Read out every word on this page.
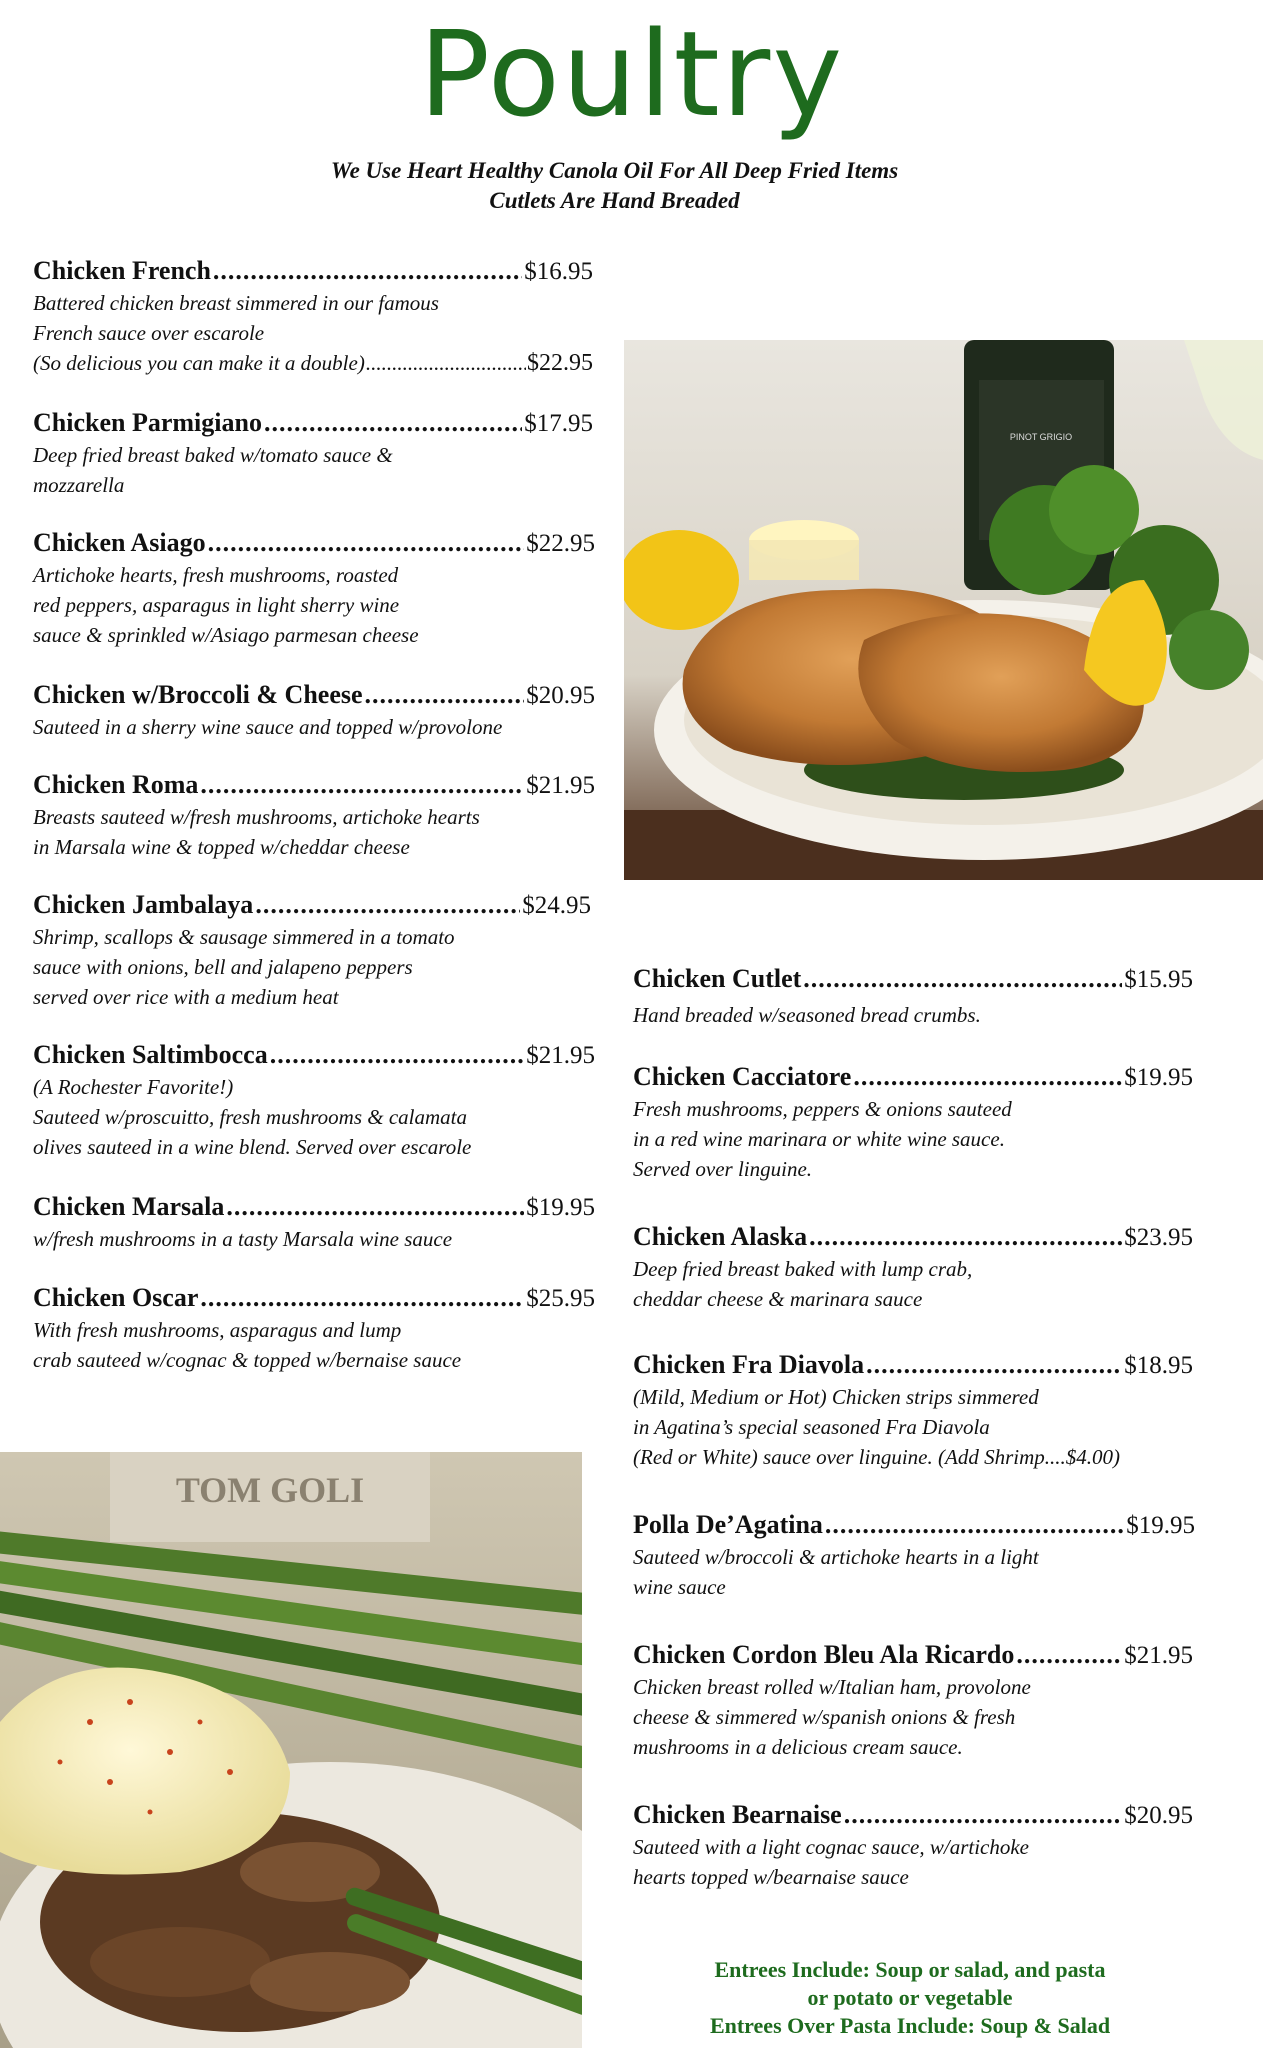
Poultry
We Use Heart Healthy Canola Oil For All Deep Fried Items
Cutlets Are Hand Breaded
Chicken French .....	$16.95
Battered chicken breast simmered in our famous
French sauce over escarole
(So delicious you can make it a double) .....	$22.95
Chicken Parmigiano .....	$17.95
Deep fried breast baked w/tomato sauce &
mozzarella
Chicken Asiago .....	$22.95
Artichoke hearts, fresh mushrooms, roasted
red peppers, asparagus in light sherry wine
sauce & sprinkled w/Asiago parmesan cheese
Chicken w/Broccoli & Cheese .....	$20.95
Sauteed in a sherry wine sauce and topped w/provolone
Chicken Roma .....	$21.95
Breasts sauteed w/fresh mushrooms, artichoke hearts
in Marsala wine & topped w/cheddar cheese
Chicken Jambalaya .....	$24.95
Shrimp, scallops & sausage simmered in a tomato
sauce with onions, bell and jalapeno peppers
served over rice with a medium heat
Chicken Saltimbocca .....	$21.95
(A Rochester Favorite!)
Sauteed w/proscuitto, fresh mushrooms & calamata
olives sauteed in a wine blend. Served over escarole
Chicken Marsala .....	$19.95
w/fresh mushrooms in a tasty Marsala wine sauce
Chicken Oscar .....	$25.95
With fresh mushrooms, asparagus and lump
crab sauteed w/cognac & topped w/bernaise sauce
PINOT GRIGIO
Chicken Cutlet .....	$15.95
Hand breaded w/seasoned bread crumbs.
Chicken Cacciatore .....	$19.95
Fresh mushrooms, peppers & onions sauteed
in a red wine marinara or white wine sauce.
Served over linguine.
Chicken Alaska .....	$23.95
Deep fried breast baked with lump crab,
cheddar cheese & marinara sauce
Chicken Fra Diavola .....	$18.95
(Mild, Medium or Hot) Chicken strips simmered
in Agatina’s special seasoned Fra Diavola
(Red or White) sauce over linguine. (Add Shrimp....$4.00)
Polla De’Agatina .....	$19.95
Sauteed w/broccoli & artichoke hearts in a light
wine sauce
Chicken Cordon Bleu Ala Ricardo .....	$21.95
Chicken breast rolled w/Italian ham, provolone
cheese & simmered w/spanish onions & fresh
mushrooms in a delicious cream sauce.
Chicken Bearnaise .....	$20.95
Sauteed with a light cognac sauce, w/artichoke
hearts topped w/bearnaise sauce
TOM GOLI
Entrees Include: Soup or salad, and pasta
or potato or vegetable
Entrees Over Pasta Include: Soup & Salad
